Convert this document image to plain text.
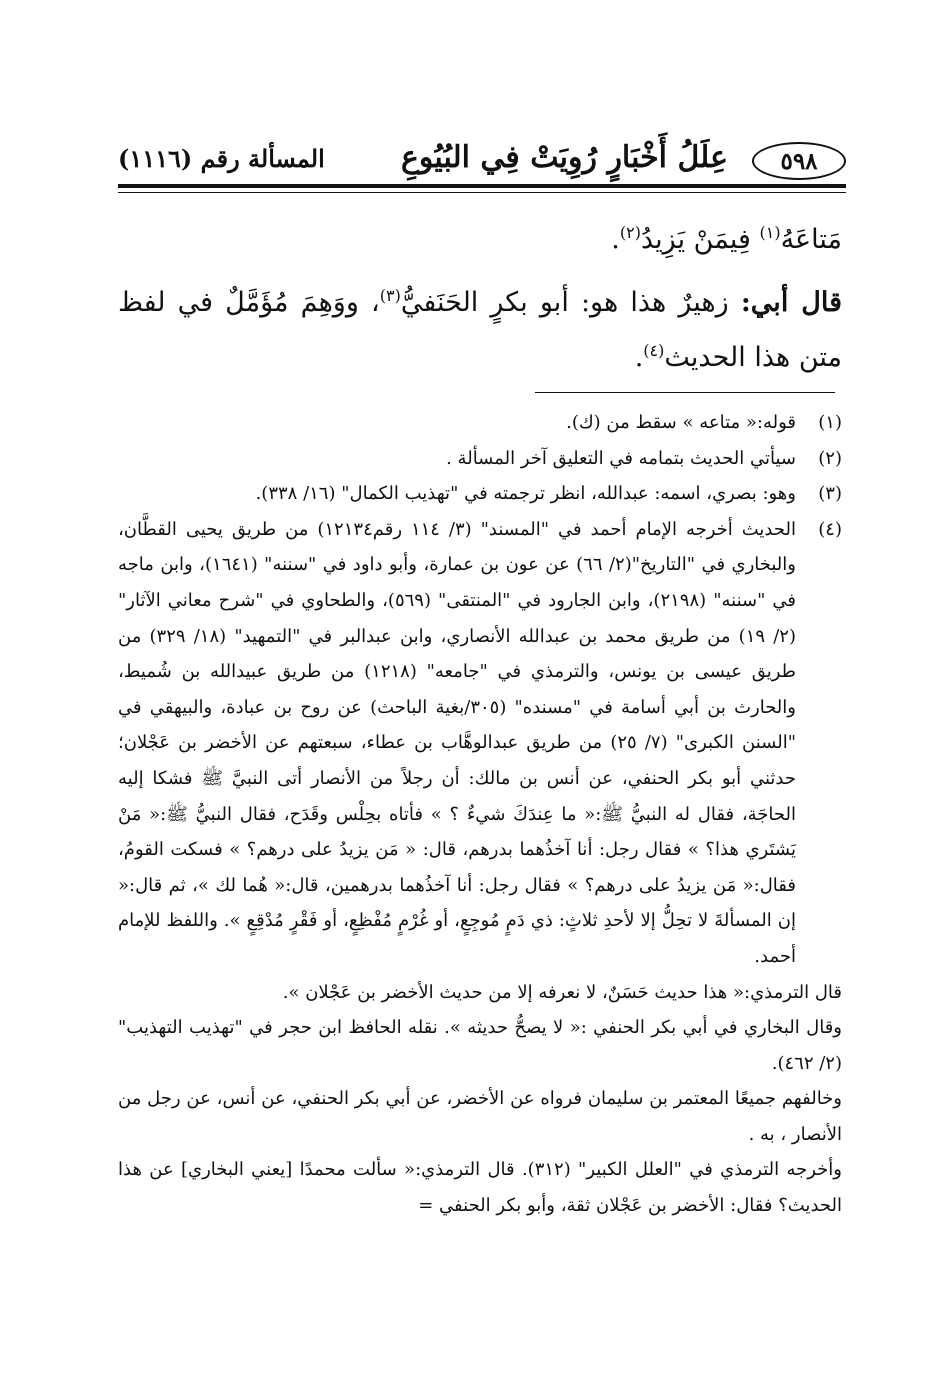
٥٩٨
عِلَلُ أَخْبَارٍ رُوِيَتْ فِي البُيُوعِ
المسألة رقم (١١١٦)

مَتاعَهُ$^{(١)}$ فِيمَنْ يَزِيدُ$^{(٢)}$.

قال أبي: زهيرٌ هذا هو: أبو بكرٍ الحَنَفيُّ$^{(٣)}$، ووَهِمَ مُؤَمَّلٌ في لفظ متن هذا الحديث$^{(٤)}$.

(١)
قوله:« متاعه » سقط من (ك).
(٢)
سيأتي الحديث بتمامه في التعليق آخر المسألة .
(٣)
وهو: بصري، اسمه: عبدالله، انظر ترجمته في "تهذيب الكمال" (١٦/ ٣٣٨).
(٤)
الحديث أخرجه الإمام أحمد في "المسند" (٣/ ١١٤ رقم١٢١٣٤) من طريق يحيى القطَّان، والبخاري في "التاريخ"(٢/ ٦٦) عن عون بن عمارة، وأبو داود في "سننه" (١٦٤١)، وابن ماجه في "سننه" (٢١٩٨)، وابن الجارود في "المنتقى" (٥٦٩)، والطحاوي في "شرح معاني الآثار"(٢/ ١٩) من طريق محمد بن عبدالله الأنصاري، وابن عبدالبر في "التمهيد" (١٨/ ٣٢٩) من طريق عيسى بن يونس، والترمذي في "جامعه" (١٢١٨) من طريق عبيدالله بن شُميط، والحارث بن أبي أسامة في "مسنده" (٣٠٥/بغية الباحث) عن روح بن عبادة، والبيهقي في "السنن الكبرى" (٧/ ٢٥) من طريق عبدالوهَّاب بن عطاء، سبعتهم عن الأخضر بن عَجْلان؛ حدثني أبو بكر الحنفي، عن أنس بن مالك: أن رجلاً من الأنصار أتى النبيَّ ﷺ فشكا إليه الحاجَة، فقال له النبيُّ ﷺ:« ما عِندَكَ شيءٌ ؟ » فأتاه بحِلْس وقَدَح، فقال النبيُّ ﷺ:« مَنْ يَشتَري هذا؟ » فقال رجل: أنا آخذُهما بدرهم، قال: « مَن يزيدُ على درهم؟ » فسكت القومُ، فقال:« مَن يزيدُ على درهم؟ » فقال رجل: أنا آخذُهما بدرهمين، قال:« هُما لك »، ثم قال:« إن المسألةَ لا تحِلُّ إلا لأحدِ ثلاثٍ: ذي دَمٍ مُوجِعٍ، أو غُرْمٍ مُفْظِعٍ، أو فَقْرٍ مُدْقِعٍ ». واللفظ للإمام أحمد.

قال الترمذي:« هذا حديث حَسَنٌ، لا نعرفه إلا من حديث الأخضر بن عَجْلان ».

وقال البخاري في أبي بكر الحنفي :« لا يصحُّ حديثه ». نقله الحافظ ابن حجر في "تهذيب التهذيب" (٢/ ٤٦٢).

وخالفهم جميعًا المعتمر بن سليمان فرواه عن الأخضر، عن أبي بكر الحنفي، عن أنس، عن رجل من الأنصار ، به .

وأخرجه الترمذي في "العلل الكبير" (٣١٢). قال الترمذي:« سألت محمدًا [يعني البخاري] عن هذا الحديث؟ فقال: الأخضر بن عَجْلان ثقة، وأبو بكر الحنفي =
